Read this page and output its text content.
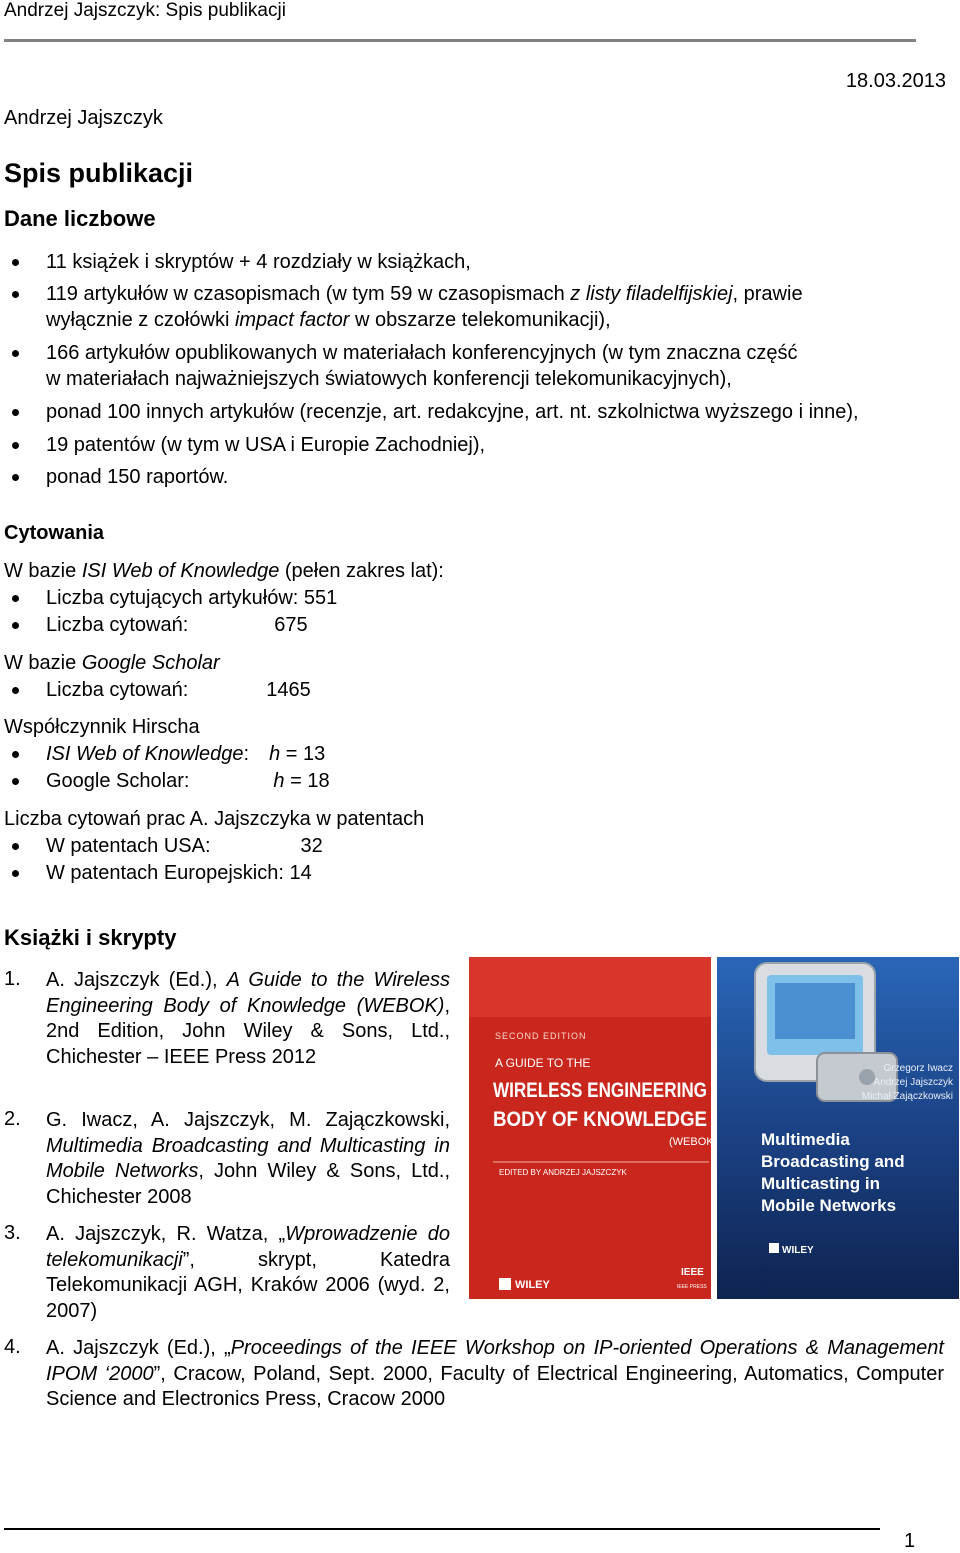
Andrzej Jajszczyk: Spis publikacji
18.03.2013
Andrzej Jajszczyk
Spis publikacji
Dane liczbowe
11 książek i skryptów + 4 rozdziały w książkach,
119 artykułów w czasopismach (w tym 59 w czasopismach z listy filadelfijskiej, prawie
wyłącznie z czołówki impact factor w obszarze telekomunikacji),
166 artykułów opublikowanych w materiałach konferencyjnych (w tym znaczna część
w materiałach najważniejszych światowych konferencji telekomunikacyjnych),
ponad 100 innych artykułów (recenzje, art. redakcyjne, art. nt. szkolnictwa wyższego i inne),
19 patentów (w tym w USA i Europie Zachodniej),
ponad 150 raportów.
Cytowania
W bazie ISI Web of Knowledge (pełen zakres lat):
Liczba cytujących artykułów: 551
Liczba cytowań:	675
W bazie Google Scholar
Liczba cytowań:	1465
Współczynnik Hirscha
ISI Web of Knowledge: h = 13
Google Scholar:	h = 18
Liczba cytowań prac A. Jajszczyka w patentach
W patentach USA:	32
W patentach Europejskich: 14
Książki i skrypty
1. A. Jajszczyk (Ed.), A Guide to the Wireless Engineering Body of Knowledge (WEBOK), 2nd Edition, John Wiley & Sons, Ltd., Chichester – IEEE Press 2012
2. G. Iwacz, A. Jajszczyk, M. Zajączkowski, Multimedia Broadcasting and Multicasting in Mobile Networks, John Wiley & Sons, Ltd., Chichester 2008
3. A. Jajszczyk, R. Watza, „Wprowadzenie do telekomunikacji”, skrypt, Katedra Telekomunikacji AGH, Kraków 2006 (wyd. 2, 2007)
4. A. Jajszczyk (Ed.), „Proceedings of the IEEE Workshop on IP-oriented Operations & Management IPOM ‘2000”, Cracow, Poland, Sept. 2000, Faculty of Electrical Engineering, Automatics, Computer Science and Electronics Press, Cracow 2000
SECOND EDITION
A GUIDE TO THE
WIRELESS ENGINEERING
BODY OF KNOWLEDGE
(WEBOK)
EDITED BY ANDRZEJ JAJSZCZYK
WILEY
IEEE
IEEE PRESS
Grzegorz Iwacz
Andrzej Jajszczyk
Michał Zajączkowski
Multimedia
Broadcasting and
Multicasting in
Mobile Networks
WILEY
1
